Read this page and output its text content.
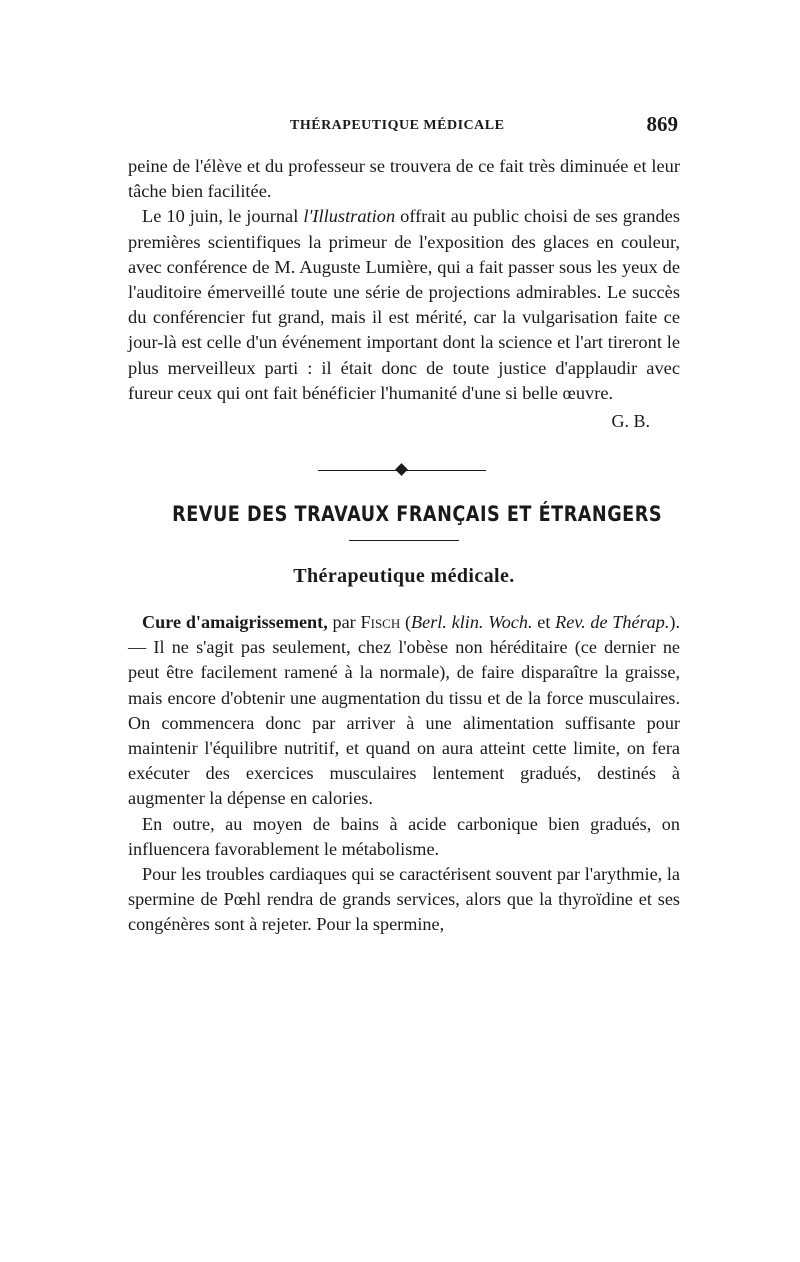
THÉRAPEUTIQUE MÉDICALE	869

peine de l'élève et du professeur se trouvera de ce fait très diminuée et leur tâche bien facilitée.

Le 10 juin, le journal l'Illustration offrait au public choisi de ses grandes premières scientifiques la primeur de l'exposition des glaces en couleur, avec conférence de M. Auguste Lumière, qui a fait passer sous les yeux de l'auditoire émerveillé toute une série de projections admirables. Le succès du conférencier fut grand, mais il est mérité, car la vulgarisation faite ce jour-là est celle d'un événement important dont la science et l'art tireront le plus merveilleux parti : il était donc de toute justice d'applaudir avec fureur ceux qui ont fait bénéficier l'humanité d'une si belle œuvre.

G. B.
REVUE DES TRAVAUX FRANÇAIS ET ÉTRANGERS
Thérapeutique médicale.

Cure d'amaigrissement, par Fisch (Berl. klin. Woch. et Rev. de Thérap.). — Il ne s'agit pas seulement, chez l'obèse non héréditaire (ce dernier ne peut être facilement ramené à la normale), de faire disparaître la graisse, mais encore d'obtenir une augmentation du tissu et de la force musculaires. On commencera donc par arriver à une alimentation suffisante pour maintenir l'équilibre nutritif, et quand on aura atteint cette limite, on fera exécuter des exercices musculaires lentement gradués, destinés à augmenter la dépense en calories.

En outre, au moyen de bains à acide carbonique bien gradués, on influencera favorablement le métabolisme.

Pour les troubles cardiaques qui se caractérisent souvent par l'arythmie, la spermine de Pœhl rendra de grands services, alors que la thyroïdine et ses congénères sont à rejeter. Pour la spermine,
